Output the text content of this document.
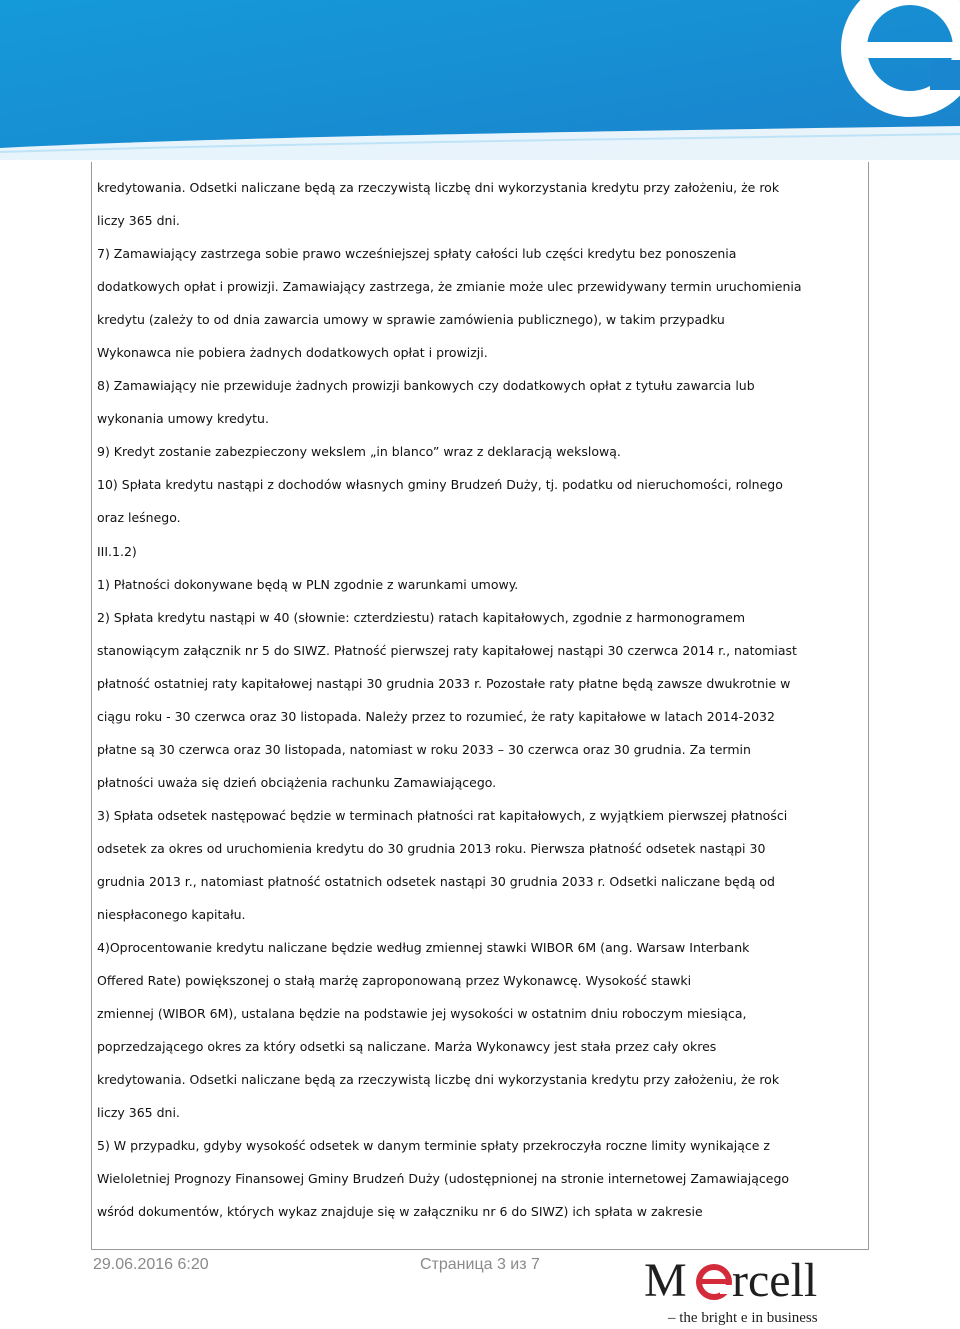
kredytowania. Odsetki naliczane będą za rzeczywistą liczbę dni wykorzystania kredytu przy założeniu, że rok
liczy 365 dni.
7) Zamawiający zastrzega sobie prawo wcześniejszej spłaty całości lub części kredytu bez ponoszenia
dodatkowych opłat i prowizji. Zamawiający zastrzega, że zmianie może ulec przewidywany termin uruchomienia
kredytu (zależy to od dnia zawarcia umowy w sprawie zamówienia publicznego), w takim przypadku
Wykonawca nie pobiera żadnych dodatkowych opłat i prowizji.
8) Zamawiający nie przewiduje żadnych prowizji bankowych czy dodatkowych opłat z tytułu zawarcia lub
wykonania umowy kredytu.
9) Kredyt zostanie zabezpieczony wekslem „in blanco” wraz z deklaracją wekslową.
10) Spłata kredytu nastąpi z dochodów własnych gminy Brudzeń Duży, tj. podatku od nieruchomości, rolnego
oraz leśnego.
III.1.2)
1) Płatności dokonywane będą w PLN zgodnie z warunkami umowy.
2) Spłata kredytu nastąpi w 40 (słownie: czterdziestu) ratach kapitałowych, zgodnie z harmonogramem
stanowiącym załącznik nr 5 do SIWZ. Płatność pierwszej raty kapitałowej nastąpi 30 czerwca 2014 r., natomiast
płatność ostatniej raty kapitałowej nastąpi 30 grudnia 2033 r. Pozostałe raty płatne będą zawsze dwukrotnie w
ciągu roku - 30 czerwca oraz 30 listopada. Należy przez to rozumieć, że raty kapitałowe w latach 2014-2032
płatne są 30 czerwca oraz 30 listopada, natomiast w roku 2033 – 30 czerwca oraz 30 grudnia. Za termin
płatności uważa się dzień obciążenia rachunku Zamawiającego.
3) Spłata odsetek następować będzie w terminach płatności rat kapitałowych, z wyjątkiem pierwszej płatności
odsetek za okres od uruchomienia kredytu do 30 grudnia 2013 roku. Pierwsza płatność odsetek nastąpi 30
grudnia 2013 r., natomiast płatność ostatnich odsetek nastąpi 30 grudnia 2033 r. Odsetki naliczane będą od
niespłaconego kapitału.
4)Oprocentowanie kredytu naliczane będzie według zmiennej stawki WIBOR 6M (ang. Warsaw Interbank
Offered Rate) powiększonej o stałą marżę zaproponowaną przez Wykonawcę. Wysokość stawki
zmiennej (WIBOR 6M), ustalana będzie na podstawie jej wysokości w ostatnim dniu roboczym miesiąca,
poprzedzającego okres za który odsetki są naliczane. Marża Wykonawcy jest stała przez cały okres
kredytowania. Odsetki naliczane będą za rzeczywistą liczbę dni wykorzystania kredytu przy założeniu, że rok
liczy 365 dni.
5) W przypadku, gdyby wysokość odsetek w danym terminie spłaty przekroczyła roczne limity wynikające z
Wieloletniej Prognozy Finansowej Gminy Brudzeń Duży (udostępnionej na stronie internetowej Zamawiającego
wśród dokumentów, których wykaz znajduje się w załączniku nr 6 do SIWZ) ich spłata w zakresie
29.06.2016 6:20	Страница 3 из 7 M rcell
– the bright e in business
